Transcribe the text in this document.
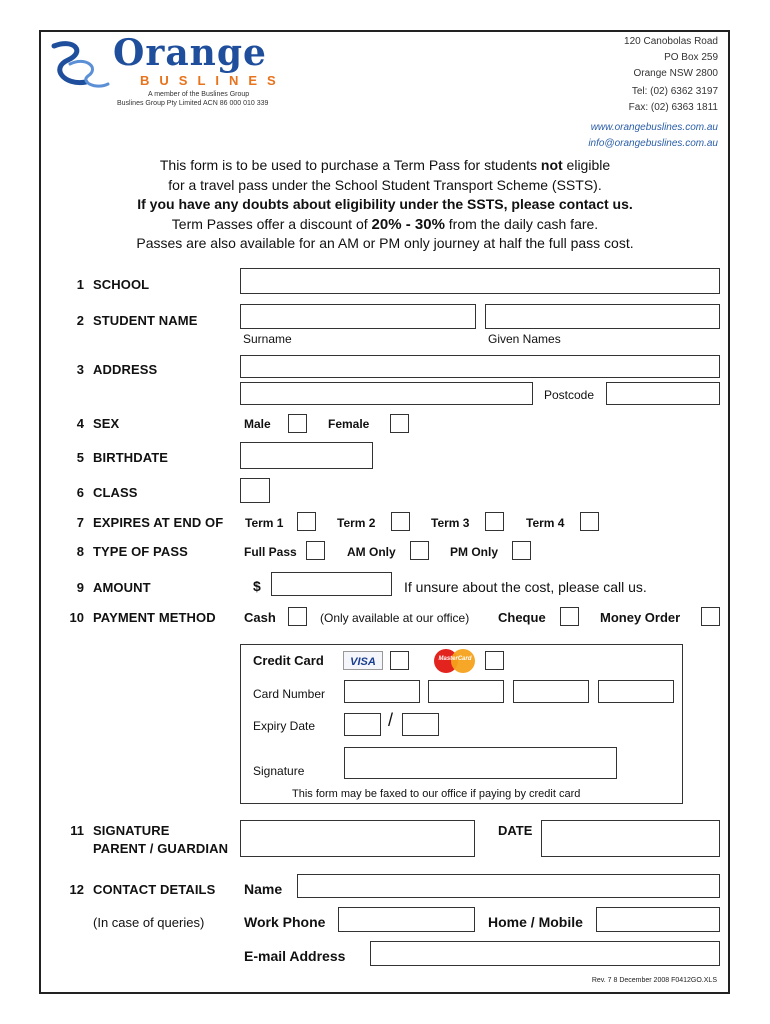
Orange
BUSLINES
A member of the Buslines Group
Buslines Group Pty Limited ACN 86 000 010 339
120 Canobolas Road
PO Box 259
Orange NSW 2800
Tel: (02) 6362 3197
Fax: (02) 6363 1811
www.orangebuslines.com.au
info@orangebuslines.com.au
This form is to be used to purchase a Term Pass for students not eligible
for a travel pass under the School Student Transport Scheme (SSTS).
If you have any doubts about eligibility under the SSTS, please contact us.
Term Passes offer a discount of 20% - 30% from the daily cash fare.
Passes are also available for an AM or PM only journey at half the full pass cost.
1 SCHOOL
2 STUDENT NAME
Surname	Given Names
3 ADDRESS
Postcode
4 SEX	Male	Female
5 BIRTHDATE
6 CLASS
7 EXPIRES AT END OF Term 1	Term 2	Term 3	Term 4
8 TYPE OF PASS	Full Pass	AM Only	PM Only
9 AMOUNT	$	If unsure about the cost, please call us.
10 PAYMENT METHOD Cash	(Only available at our office) Cheque	Money Order
Credit Card	VISA	MasterCard
Card Number
Expiry Date	/
Signature
This form may be faxed to our office if paying by credit card
11 SIGNATURE
PARENT / GUARDIAN
DATE
12 CONTACT DETAILS
(In case of queries)
Name
Work Phone	Home / Mobile
E-mail Address
Rev. 7 8 December 2008 F0412GO.XLS
